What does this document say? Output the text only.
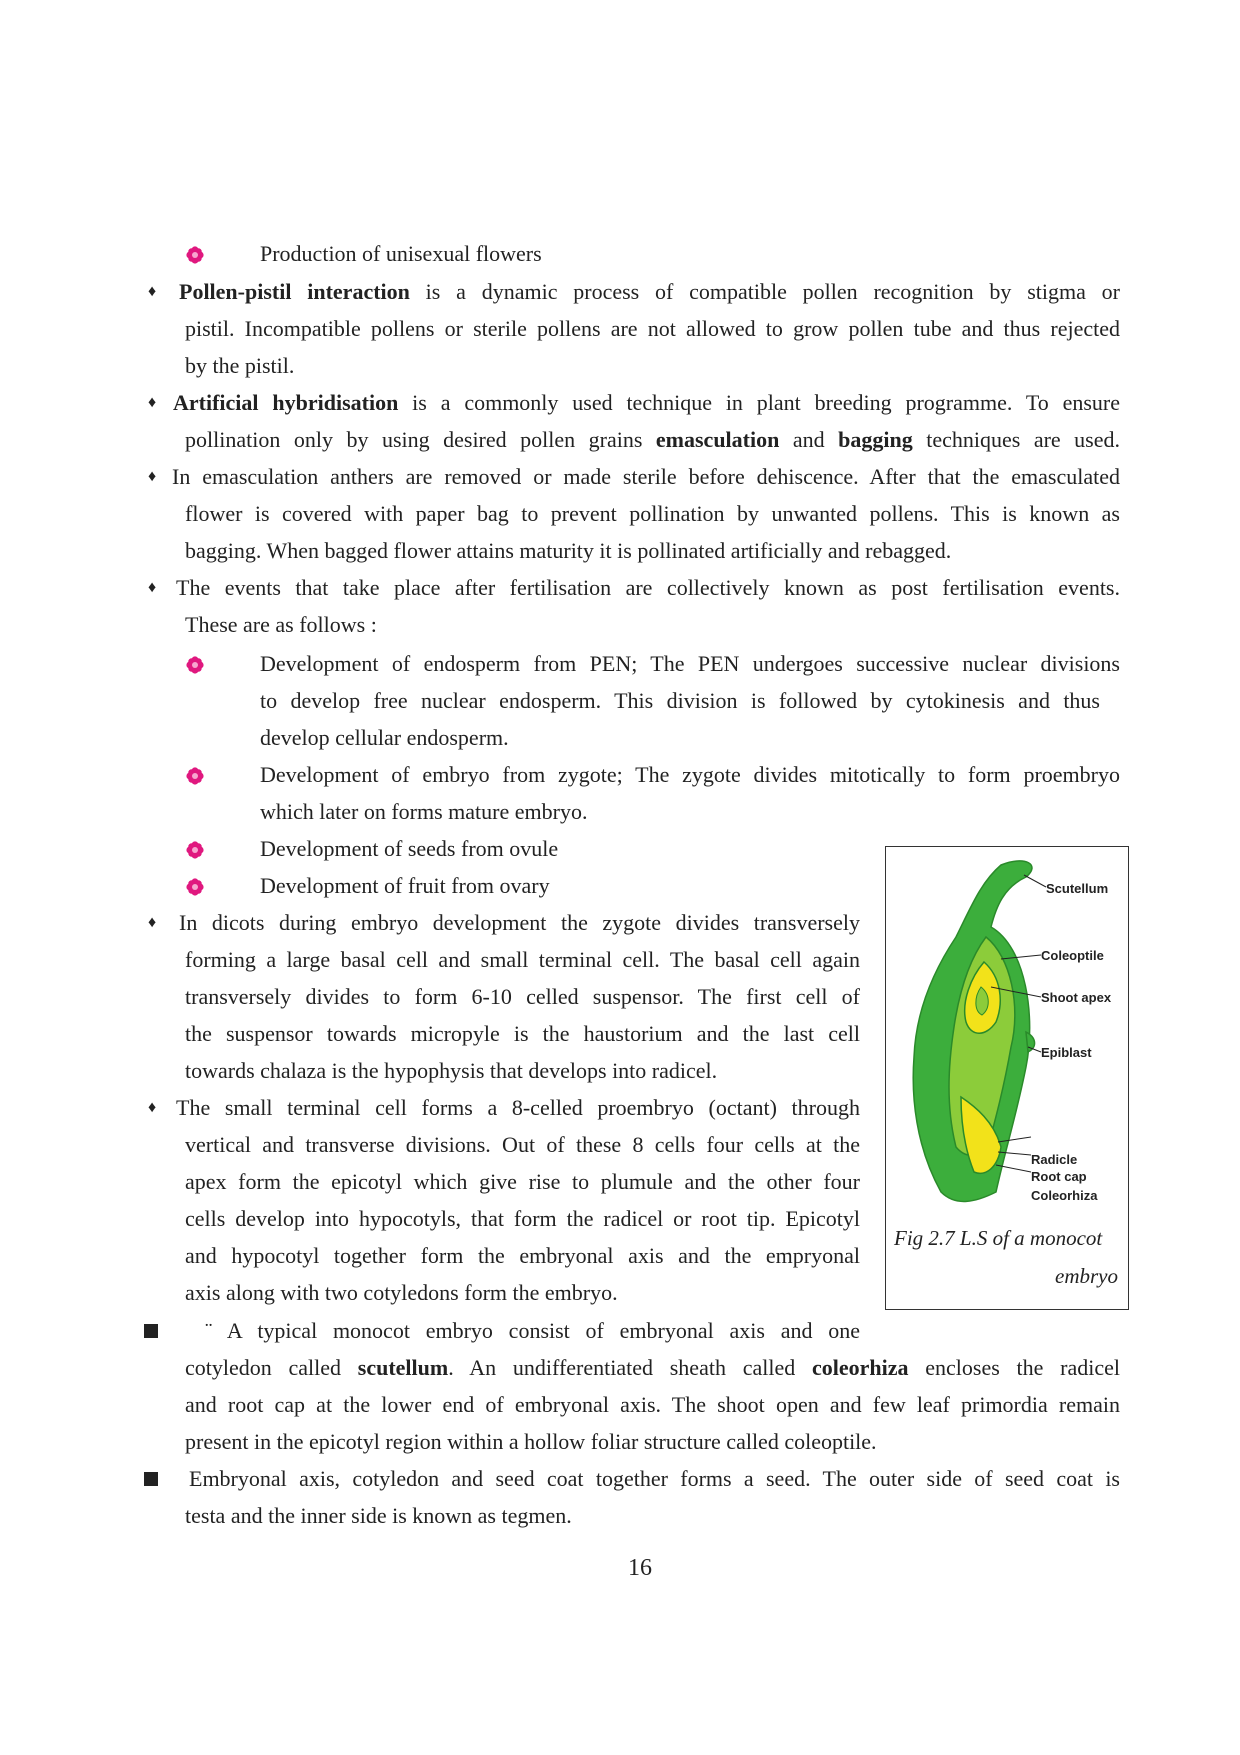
Production of unisexual flowers
♦ Pollen-pistil interaction is a dynamic process of compatible pollen recognition by stigma or
pistil. Incompatible pollens or sterile pollens are not allowed to grow pollen tube and thus rejected
by the pistil.
♦ Artificial hybridisation is a commonly used technique in plant breeding programme. To ensure
pollination only by using desired pollen grains emasculation and bagging techniques are used.
♦ In emasculation anthers are removed or made sterile before dehiscence. After that the emasculated
flower is covered with paper bag to prevent pollination by unwanted pollens. This is known as
bagging. When bagged flower attains maturity it is pollinated artificially and rebagged.
♦ The events that take place after fertilisation are collectively known as post fertilisation events.
These are as follows :
Development of endosperm from PEN; The PEN undergoes successive nuclear divisions
to develop free nuclear endosperm. This division is followed by cytokinesis and thus
develop cellular endosperm.
Development of embryo from zygote; The zygote divides mitotically to form proembryo
which later on forms mature embryo.
Development of seeds from ovule
Development of fruit from ovary
♦ In dicots during embryo development the zygote divides transversely
forming a large basal cell and small terminal cell. The basal cell again
transversely divides to form 6-10 celled suspensor. The first cell of
the suspensor towards micropyle is the haustorium and the last cell
towards chalaza is the hypophysis that develops into radicel.
♦ The small terminal cell forms a 8-celled proembryo (octant) through
vertical and transverse divisions. Out of these 8 cells four cells at the
apex form the epicotyl which give rise to plumule and the other four
cells develop into hypocotyls, that form the radicel or root tip. Epicotyl
and hypocotyl together form the embryonal axis and the empryonal
axis along with two cotyledons form the embryo.
Scutellum
Coleoptile
Shoot apex
Epiblast
Radicle
Root cap
Coleorhiza
Fig 2.7 L.S of a monocot
embryo
¨ A typical monocot embryo consist of embryonal axis and one
cotyledon called scutellum. An undifferentiated sheath called coleorhiza encloses the radicel
and root cap at the lower end of embryonal axis. The shoot open and few leaf primordia remain
present in the epicotyl region within a hollow foliar structure called coleoptile.
Embryonal axis, cotyledon and seed coat together forms a seed. The outer side of seed coat is
testa and the inner side is known as tegmen.
16
